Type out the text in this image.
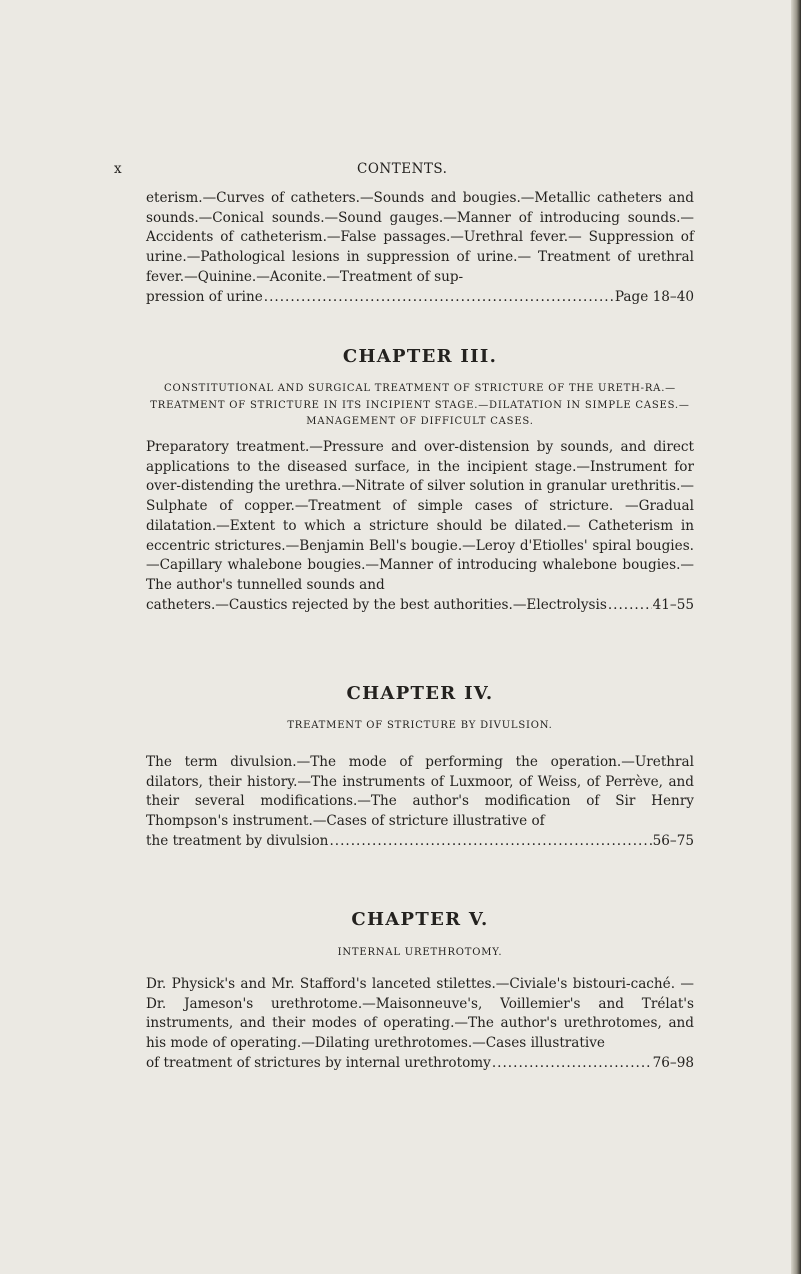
x	CONTENTS.
eterism.—Curves of catheters.—Sounds and bougies.—Metallic catheters and sounds.—Conical sounds.—Sound gauges.—Manner of introducing sounds.—Accidents of catheterism.—False passages.—Urethral fever.— Suppression of urine.—Pathological lesions in suppression of urine.— Treatment of urethral fever.—Quinine.—Aconite.—Treatment of sup-
pression of urine .....	Page 18–40
CHAPTER III.

CONSTITUTIONAL AND SURGICAL TREATMENT OF STRICTURE OF THE URETH-RA.—TREATMENT OF STRICTURE IN ITS INCIPIENT STAGE.—DILATATION IN SIMPLE CASES.—MANAGEMENT OF DIFFICULT CASES.

Preparatory treatment.—Pressure and over-distension by sounds, and direct applications to the diseased surface, in the incipient stage.—Instrument for over-distending the urethra.—Nitrate of silver solution in granular urethritis.—Sulphate of copper.—Treatment of simple cases of stricture. —Gradual dilatation.—Extent to which a stricture should be dilated.— Catheterism in eccentric strictures.—Benjamin Bell's bougie.—Leroy d'Etiolles' spiral bougies.—Capillary whalebone bougies.—Manner of introducing whalebone bougies.—The author's tunnelled sounds and
catheters.—Caustics rejected by the best authorities.—Electrolysis .....	41–55
CHAPTER IV.

TREATMENT OF STRICTURE BY DIVULSION.

The term divulsion.—The mode of performing the operation.—Urethral dilators, their history.—The instruments of Luxmoor, of Weiss, of Perrève, and their several modifications.—The author's modification of Sir Henry Thompson's instrument.—Cases of stricture illustrative of
the treatment by divulsion .....	56–75
CHAPTER V.

INTERNAL URETHROTOMY.

Dr. Physick's and Mr. Stafford's lanceted stilettes.—Civiale's bistouri-caché. —Dr. Jameson's urethrotome.—Maisonneuve's, Voillemier's and Trélat's instruments, and their modes of operating.—The author's urethrotomes, and his mode of operating.—Dilating urethrotomes.—Cases illustrative
of treatment of strictures by internal urethrotomy .....	76–98
